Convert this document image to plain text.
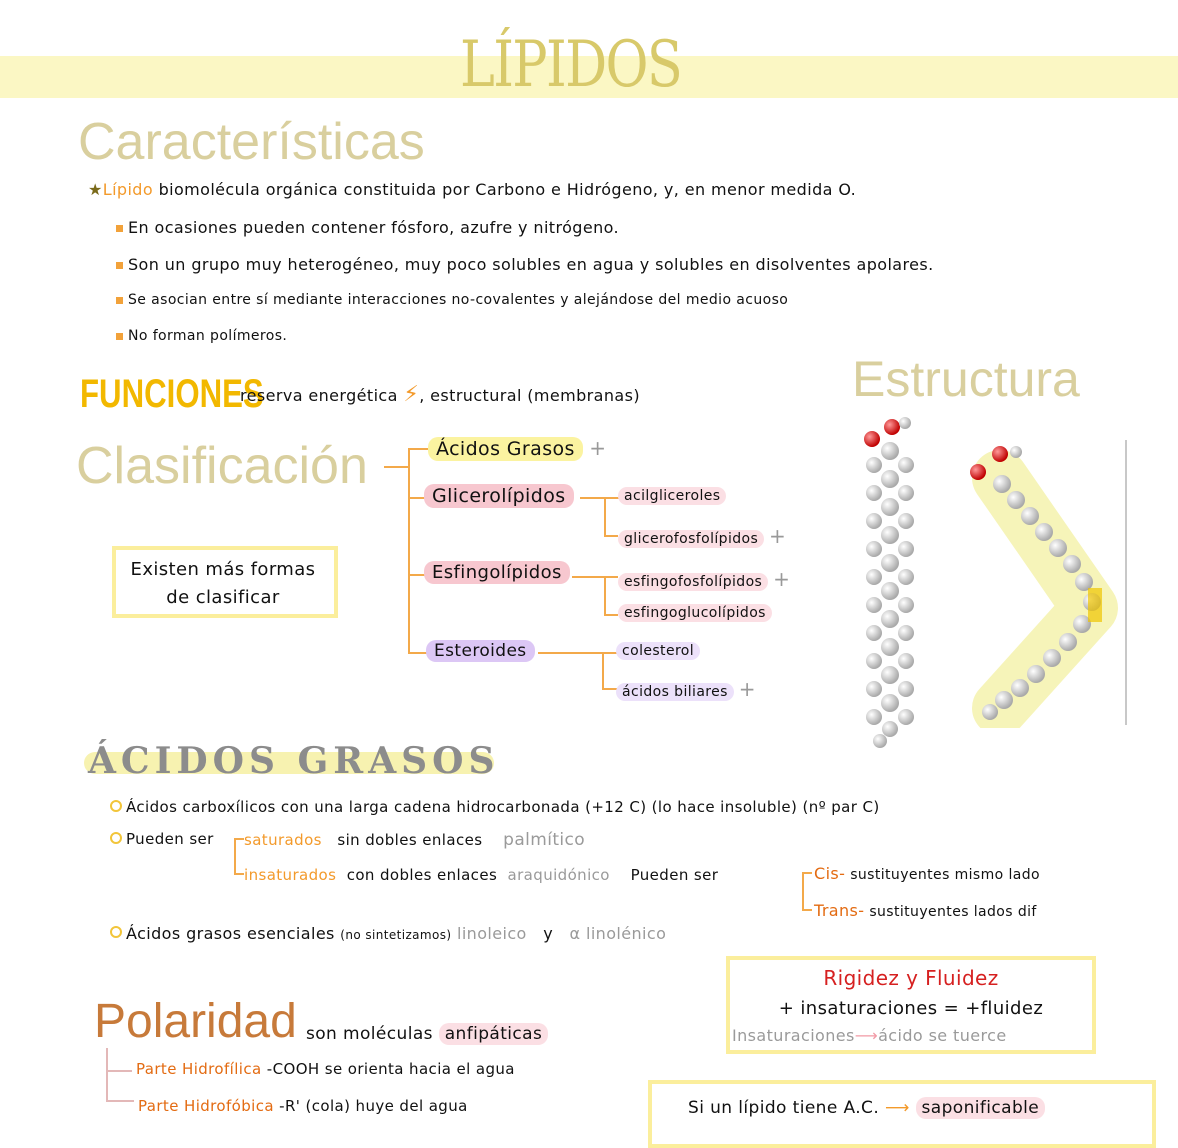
LÍPIDOS
Características
★Lípido biomolécula orgánica constituida por Carbono e Hidrógeno, y, en menor medida O.
En ocasiones pueden contener fósforo, azufre y nitrógeno.
Son un grupo muy heterogéneo, muy poco solubles en agua y solubles en disolventes apolares.
Se asocian entre sí mediante interacciones no-covalentes y alejándose del medio acuoso
No forman polímeros.
FUNCIONES
reserva energética ⚡, estructural (membranas)	Estructura
Clasificación	Ácidos Grasos +
Glicerolípidos
Esfingolípidos
Esteroides
acilgliceroles
glicerofosfolípidos +
esfingofosfolípidos +
esfingoglucolípidos
colesterol
ácidos biliares +
Existen más formas de clasificar
ÁCIDOS GRASOS
Ácidos carboxílicos con una larga cadena hidrocarbonada (+12 C) (lo hace insoluble) (nº par C)
Pueden ser saturados sin dobles enlaces palmítico
insaturados con dobles enlaces araquidónico Pueden ser	Cis- sustituyentes mismo lado
Trans- sustituyentes lados dif
Ácidos grasos esenciales (no sintetizamos) linoleico y α linolénico
Rigidez y Fluidez
+ insaturaciones = +fluidez
Insaturaciones⟶ácido se tuerce
Polaridad son moléculas anfipáticas
Parte Hidrofílica -COOH se orienta hacia el agua
Parte Hidrofóbica -R' (cola) huye del agua	Si un lípido tiene A.C. ⟶ saponificable
